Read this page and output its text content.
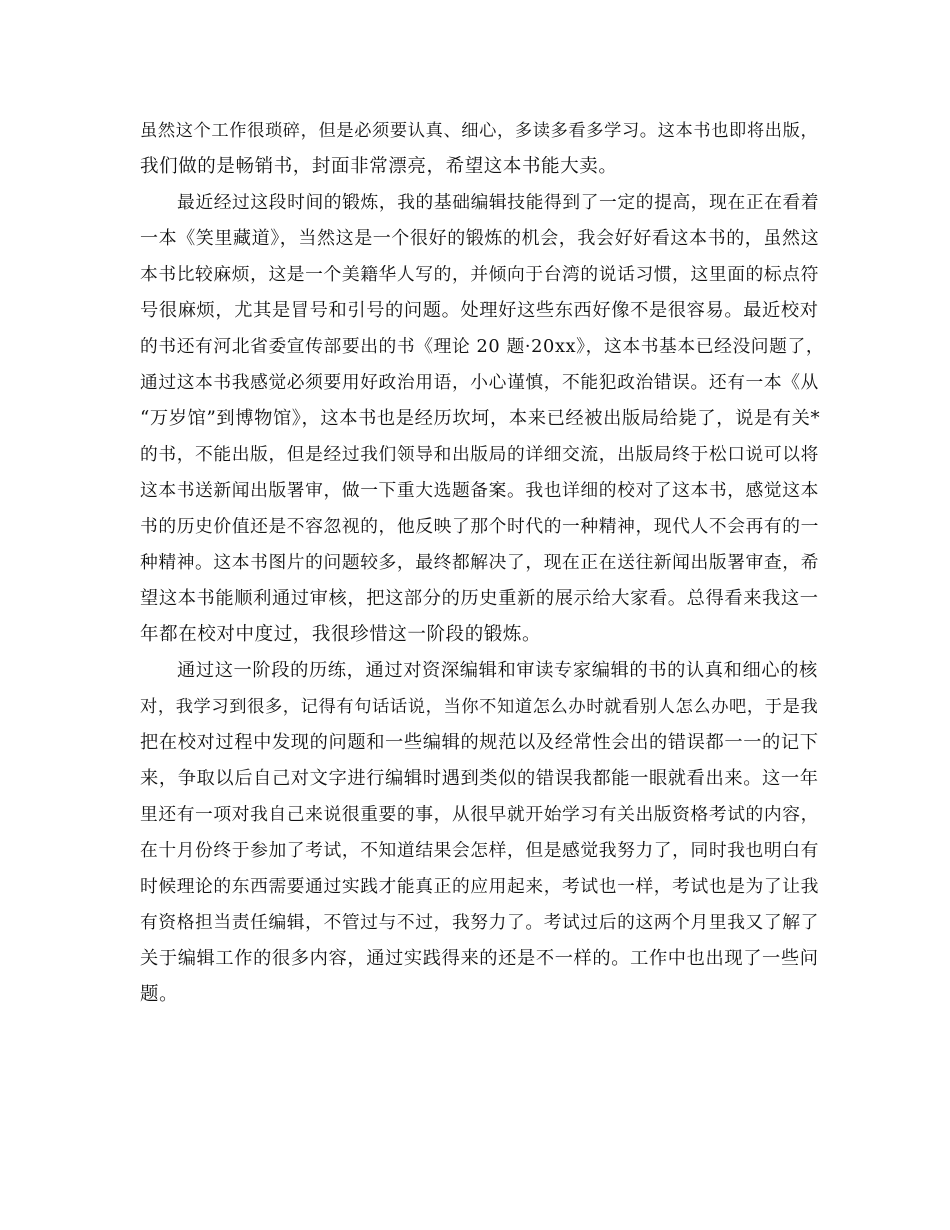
虽然这个工作很琐碎，但是必须要认真、细心，多读多看多学习。这本书也即将出版，
我们做的是畅销书，封面非常漂亮，希望这本书能大卖。
最近经过这段时间的锻炼，我的基础编辑技能得到了一定的提高，现在正在看着
一本《笑里藏道》，当然这是一个很好的锻炼的机会，我会好好看这本书的，虽然这
本书比较麻烦，这是一个美籍华人写的，并倾向于台湾的说话习惯，这里面的标点符
号很麻烦，尤其是冒号和引号的问题。处理好这些东西好像不是很容易。最近校对
的书还有河北省委宣传部要出的书《理论 20 题·20xx》，这本书基本已经没问题了，
通过这本书我感觉必须要用好政治用语，小心谨慎，不能犯政治错误。还有一本《从
“万岁馆”到博物馆》，这本书也是经历坎坷，本来已经被出版局给毙了，说是有关*
的书，不能出版，但是经过我们领导和出版局的详细交流，出版局终于松口说可以将
这本书送新闻出版署审，做一下重大选题备案。我也详细的校对了这本书，感觉这本
书的历史价值还是不容忽视的，他反映了那个时代的一种精神，现代人不会再有的一
种精神。这本书图片的问题较多，最终都解决了，现在正在送往新闻出版署审查，希
望这本书能顺利通过审核，把这部分的历史重新的展示给大家看。总得看来我这一
年都在校对中度过，我很珍惜这一阶段的锻炼。
通过这一阶段的历练，通过对资深编辑和审读专家编辑的书的认真和细心的核
对，我学习到很多，记得有句话话说，当你不知道怎么办时就看别人怎么办吧，于是我
把在校对过程中发现的问题和一些编辑的规范以及经常性会出的错误都一一的记下
来，争取以后自己对文字进行编辑时遇到类似的错误我都能一眼就看出来。这一年
里还有一项对我自己来说很重要的事，从很早就开始学习有关出版资格考试的内容，
在十月份终于参加了考试，不知道结果会怎样，但是感觉我努力了，同时我也明白有
时候理论的东西需要通过实践才能真正的应用起来，考试也一样，考试也是为了让我
有资格担当责任编辑，不管过与不过，我努力了。考试过后的这两个月里我又了解了
关于编辑工作的很多内容，通过实践得来的还是不一样的。工作中也出现了一些问
题。
